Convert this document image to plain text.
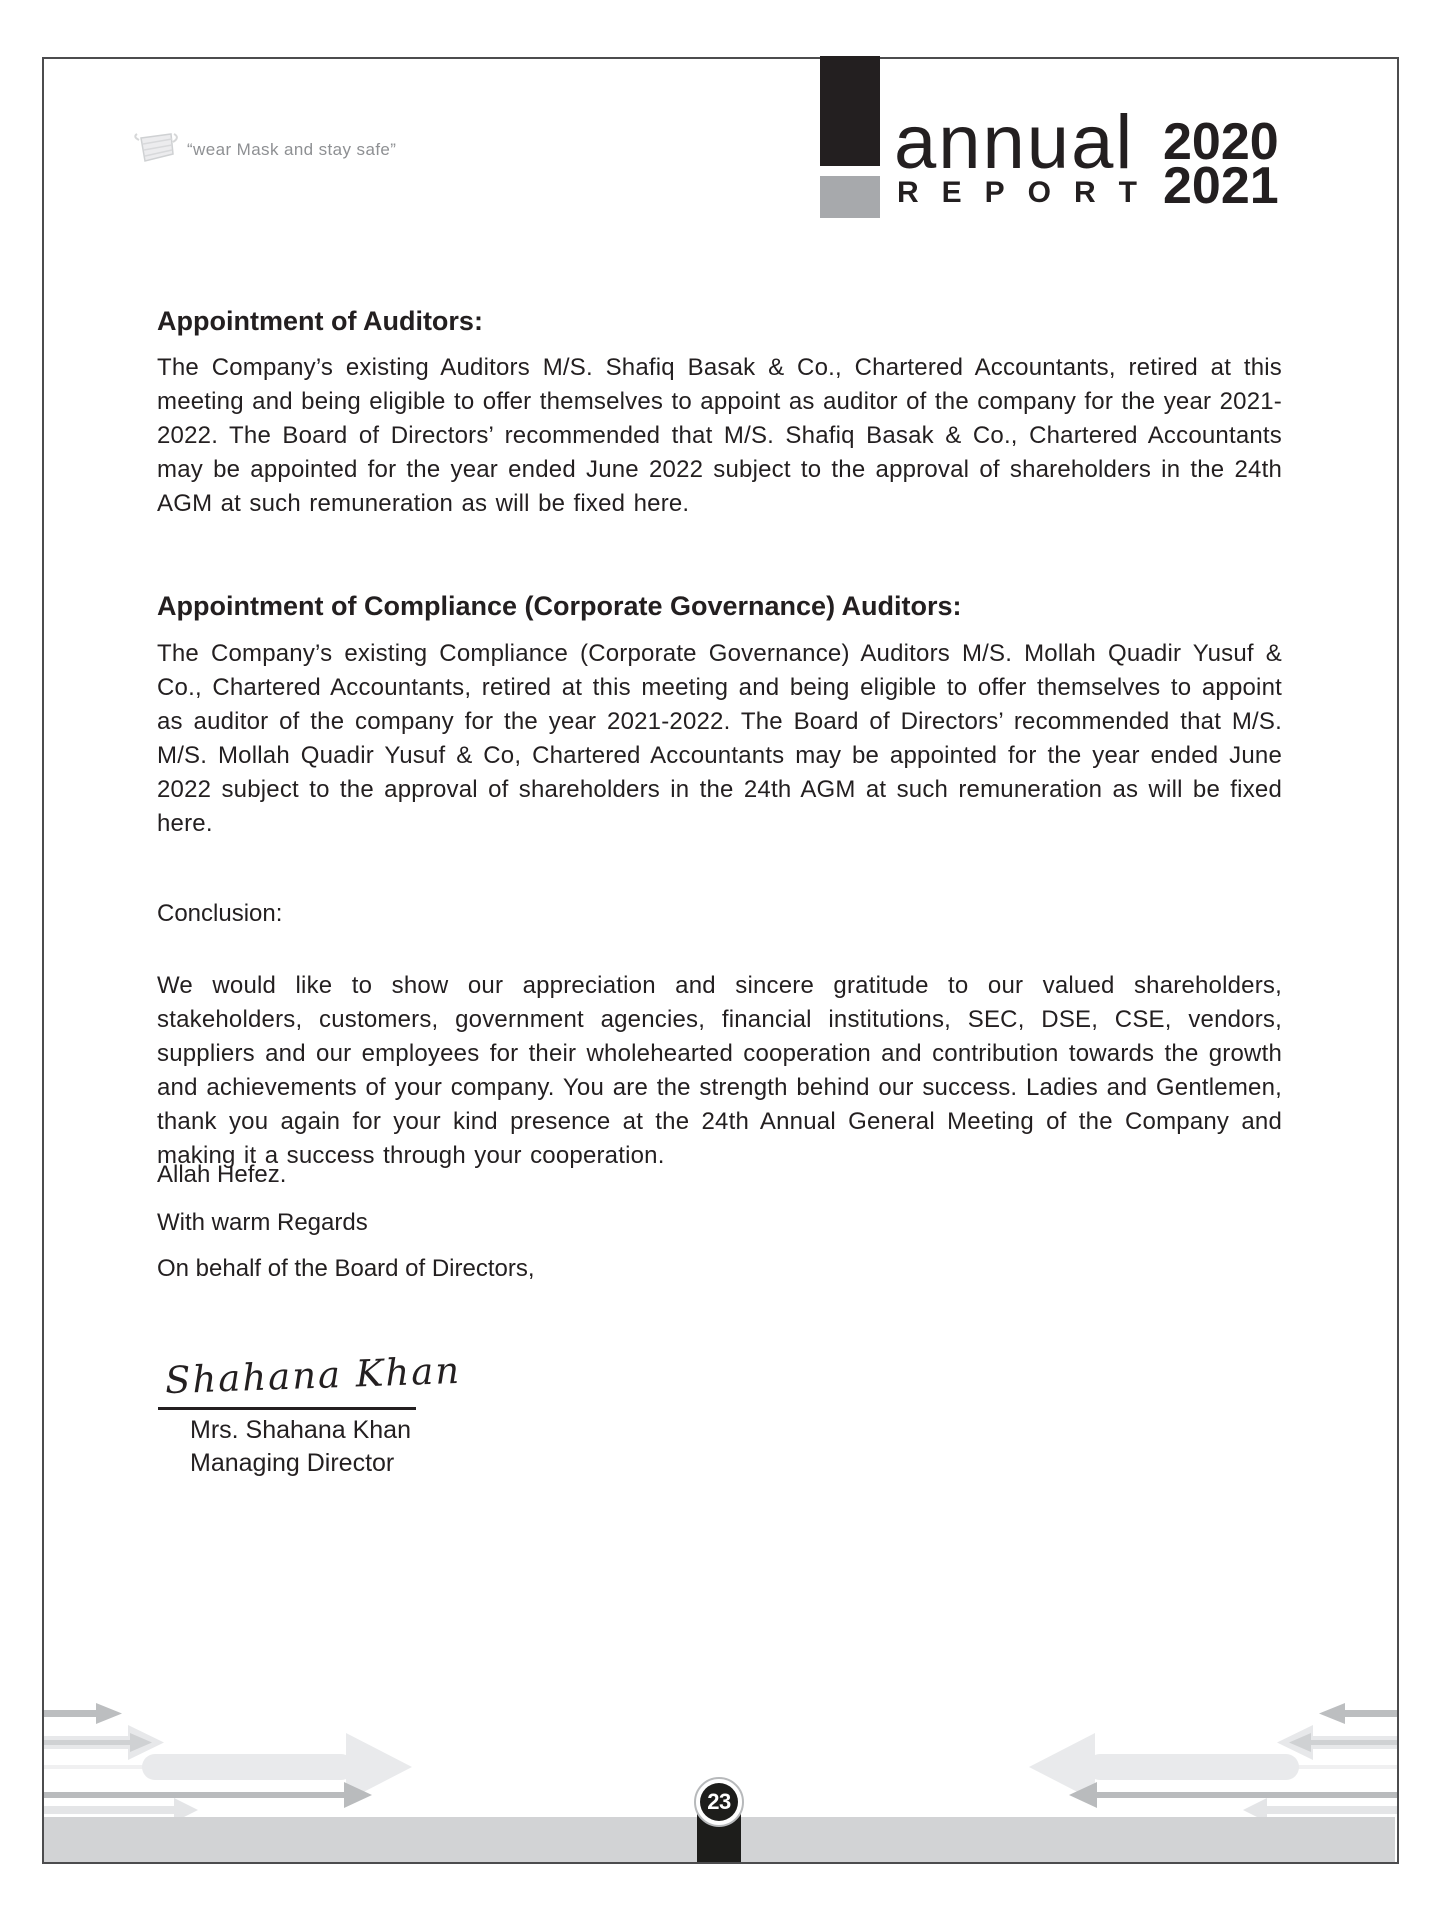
“wear Mask and stay safe”	annual
REPORT
2020
2021
Appointment of Auditors:
The Company’s existing Auditors M/S. Shafiq Basak & Co., Chartered Accountants, retired at this meeting and being eligible to offer themselves to appoint as auditor of the company for the year 2021-2022. The Board of Directors’ recommended that M/S. Shafiq Basak & Co., Chartered Accountants may be appointed for the year ended June 2022 subject to the approval of shareholders in the 24th AGM at such remuneration as will be fixed here.
Appointment of Compliance (Corporate Governance) Auditors:
The Company’s existing Compliance (Corporate Governance) Auditors M/S. Mollah Quadir Yusuf & Co., Chartered Accountants, retired at this meeting and being eligible to offer themselves to appoint as auditor of the company for the year 2021-2022. The Board of Directors’ recommended that M/S. M/S. Mollah Quadir Yusuf & Co, Chartered Accountants may be appointed for the year ended June 2022 subject to the approval of shareholders in the 24th AGM at such remuneration as will be fixed here.
Conclusion:
We would like to show our appreciation and sincere gratitude to our valued shareholders, stakeholders, customers, government agencies, financial institutions, SEC, DSE, CSE, vendors, suppliers and our employees for their wholehearted cooperation and contribution towards the growth and achievements of your company. You are the strength behind our success. Ladies and Gentlemen, thank you again for your kind presence at the 24th Annual General Meeting of the Company and making it a success through your cooperation.
Allah Hefez.
With warm Regards
On behalf of the Board of Directors,
Shahana Khan
Mrs. Shahana Khan
Managing Director
23
